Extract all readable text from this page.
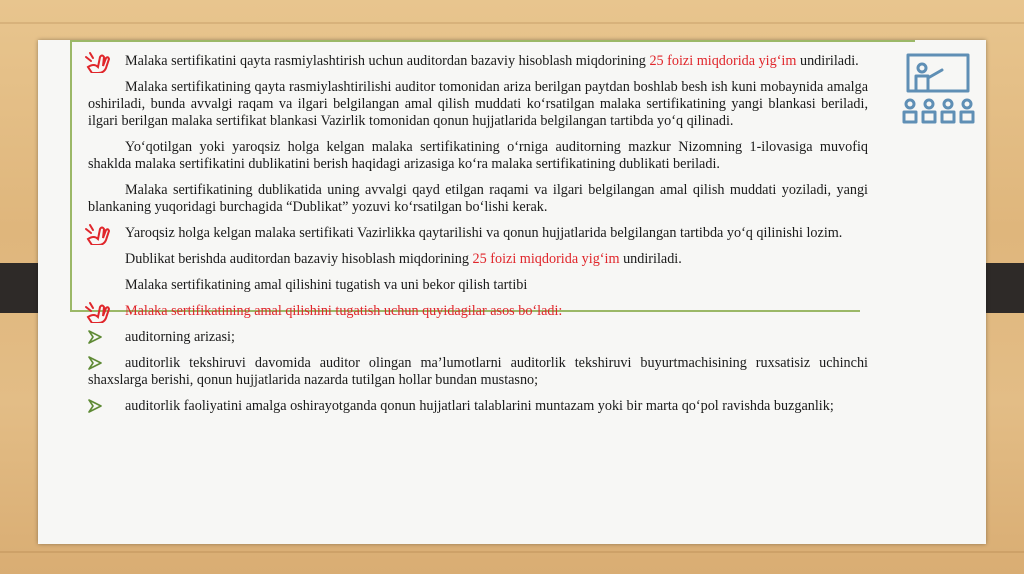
Malaka sertifikatini qayta rasmiylashtirish uchun auditordan bazaviy hisoblash miqdorining 25 foizi miqdorida yig‘im undiriladi.
Malaka sertifikatining qayta rasmiylashtirilishi auditor tomonidan ariza berilgan paytdan boshlab besh ish kuni mobaynida amalga oshiriladi, bunda avvalgi raqam va ilgari belgilangan amal qilish muddati ko‘rsatilgan malaka sertifikatining yangi blankasi beriladi, ilgari berilgan malaka sertifikat blankasi Vazirlik tomonidan qonun hujjatlarida belgilangan tartibda yo‘q qilinadi.
Yo‘qotilgan yoki yaroqsiz holga kelgan malaka sertifikatining o‘rniga auditorning mazkur Nizomning 1-ilovasiga muvofiq shaklda malaka sertifikatini dublikatini berish haqidagi arizasiga ko‘ra malaka sertifikatining dublikati beriladi.
Malaka sertifikatining dublikatida uning avvalgi qayd etilgan raqami va ilgari belgilangan amal qilish muddati yoziladi, yangi blankaning yuqoridagi burchagida “Dublikat” yozuvi ko‘rsatilgan bo‘lishi kerak.
Yaroqsiz holga kelgan malaka sertifikati Vazirlikka qaytarilishi va qonun hujjatlarida belgilangan tartibda yo‘q qilinishi lozim.
Dublikat berishda auditordan bazaviy hisoblash miqdorining 25 foizi miqdorida yig‘im undiriladi.
Malaka sertifikatining amal qilishini tugatish va uni bekor qilish tartibi
Malaka sertifikatining amal qilishini tugatish uchun quyidagilar asos bo‘ladi:
auditorning arizasi;
auditorlik tekshiruvi davomida auditor olingan ma’lumotlarni auditorlik tekshiruvi buyurtmachisining ruxsatisiz uchinchi shaxslarga berishi, qonun hujjatlarida nazarda tutilgan hollar bundan mustasno;
auditorlik faoliyatini amalga oshirayotganda qonun hujjatlari talablarini muntazam yoki bir marta qo‘pol ravishda buzganlik;
